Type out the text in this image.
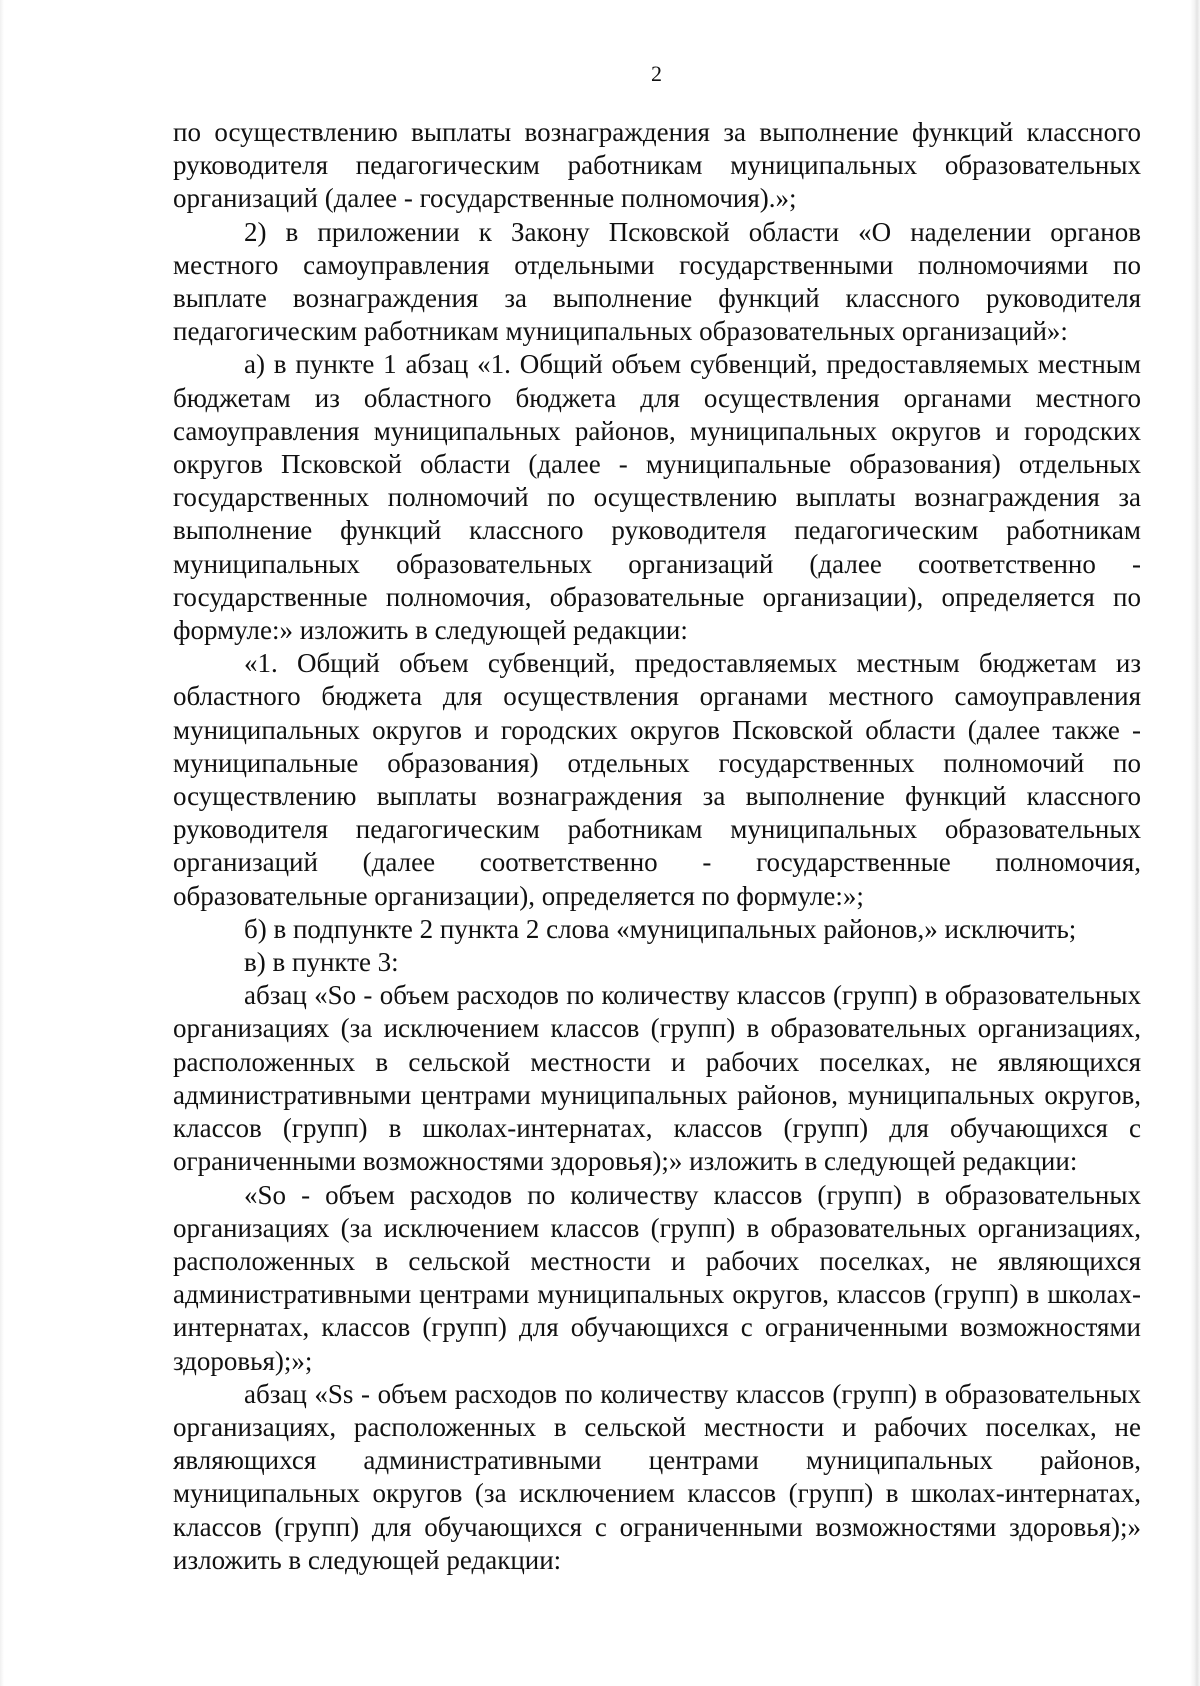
2

по осуществлению выплаты вознаграждения за выполнение функций классного руководителя педагогическим работникам муниципальных образовательных организаций (далее - государственные полномочия).»;

2) в приложении к Закону Псковской области «О наделении органов местного самоуправления отдельными государственными полномочиями по выплате вознаграждения за выполнение функций классного руководителя педагогическим работникам муниципальных образовательных организаций»:

а) в пункте 1 абзац «1. Общий объем субвенций, предоставляемых местным бюджетам из областного бюджета для осуществления органами местного самоуправления муниципальных районов, муниципальных округов и городских округов Псковской области (далее - муниципальные образования) отдельных государственных полномочий по осуществлению выплаты вознаграждения за выполнение функций классного руководителя педагогическим работникам муниципальных образовательных организаций (далее соответственно - государственные полномочия, образовательные организации), определяется по формуле:» изложить в следующей редакции:

«1. Общий объем субвенций, предоставляемых местным бюджетам из областного бюджета для осуществления органами местного самоуправления муниципальных округов и городских округов Псковской области (далее также - муниципальные образования) отдельных государственных полномочий по осуществлению выплаты вознаграждения за выполнение функций классного руководителя педагогическим работникам муниципальных образовательных организаций (далее соответственно - государственные полномочия, образовательные организации), определяется по формуле:»;

б) в подпункте 2 пункта 2 слова «муниципальных районов,» исключить;

в) в пункте 3:

абзац «So - объем расходов по количеству классов (групп) в образовательных организациях (за исключением классов (групп) в образовательных организациях, расположенных в сельской местности и рабочих поселках, не являющихся административными центрами муниципальных районов, муниципальных округов, классов (групп) в школах-интернатах, классов (групп) для обучающихся с ограниченными возможностями здоровья);» изложить в следующей редакции:

«So - объем расходов по количеству классов (групп) в образовательных организациях (за исключением классов (групп) в образовательных организациях, расположенных в сельской местности и рабочих поселках, не являющихся административными центрами муниципальных округов, классов (групп) в школах-интернатах, классов (групп) для обучающихся с ограниченными возможностями здоровья);»;

абзац «Ss - объем расходов по количеству классов (групп) в образовательных организациях, расположенных в сельской местности и рабочих поселках, не являющихся административными центрами муниципальных районов, муниципальных округов (за исключением классов (групп) в школах-интернатах, классов (групп) для обучающихся с ограниченными возможностями здоровья);» изложить в следующей редакции:
